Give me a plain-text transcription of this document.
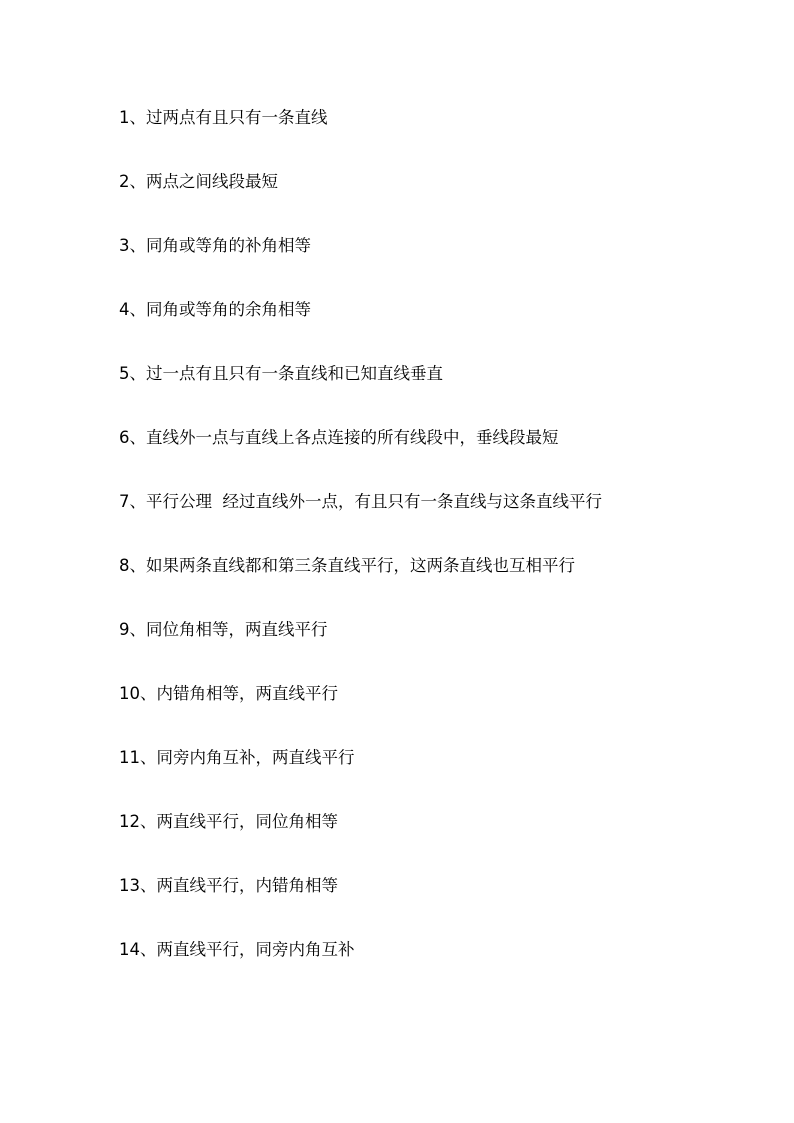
1、过两点有且只有一条直线
2、两点之间线段最短
3、同角或等角的补角相等
4、同角或等角的余角相等
5、过一点有且只有一条直线和已知直线垂直
6、直线外一点与直线上各点连接的所有线段中，垂线段最短
7、平行公理  经过直线外一点，有且只有一条直线与这条直线平行
8、如果两条直线都和第三条直线平行，这两条直线也互相平行
9、同位角相等，两直线平行
10、内错角相等，两直线平行
11、同旁内角互补，两直线平行
12、两直线平行，同位角相等
13、两直线平行，内错角相等
14、两直线平行，同旁内角互补
